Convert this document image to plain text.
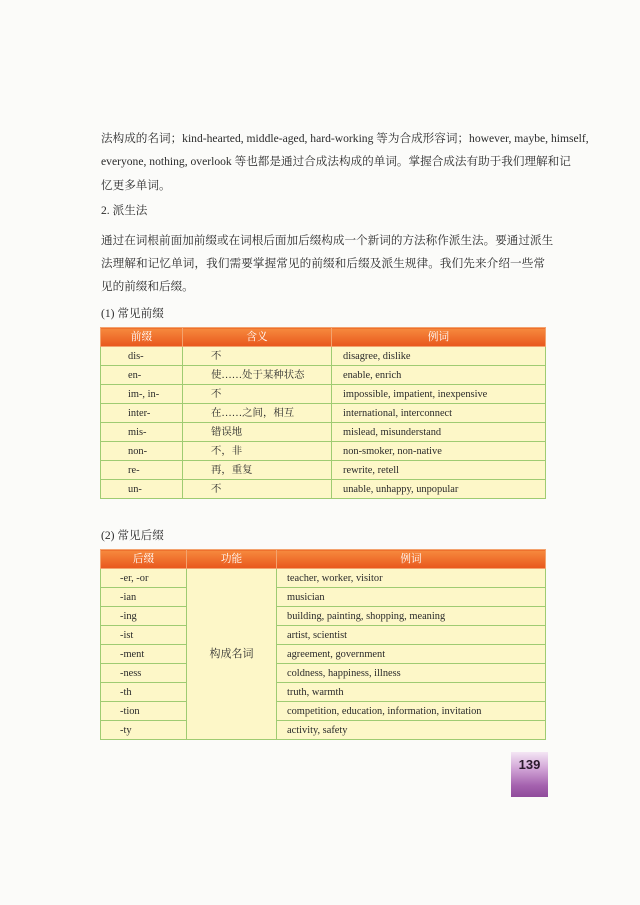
法构成的名词；kind-hearted, middle-aged, hard-working 等为合成形容词；however, maybe, himself,
everyone, nothing, overlook 等也都是通过合成法构成的单词。掌握合成法有助于我们理解和记
忆更多单词。
2. 派生法
通过在词根前面加前缀或在词根后面加后缀构成一个新词的方法称作派生法。要通过派生
法理解和记忆单词，我们需要掌握常见的前缀和后缀及派生规律。我们先来介绍一些常
见的前缀和后缀。
(1) 常见前缀
前缀	含义	例词
dis-	不	disagree, dislike
en-	使……处于某种状态	enable, enrich
im-, in-	不	impossible, impatient, inexpensive
inter-	在……之间，相互	international, interconnect
mis-	错误地	mislead, misunderstand
non-	不，非	non-smoker, non-native
re-	再，重复	rewrite, retell
un-	不	unable, unhappy, unpopular
(2) 常见后缀
后缀	功能	例词
-er, -or	构成名词	teacher, worker, visitor
-ian		musician
-ing		building, painting, shopping, meaning
-ist		artist, scientist
-ment		agreement, government
-ness		coldness, happiness, illness
-th		truth, warmth
-tion		competition, education, information, invitation
-ty		activity, safety
139
